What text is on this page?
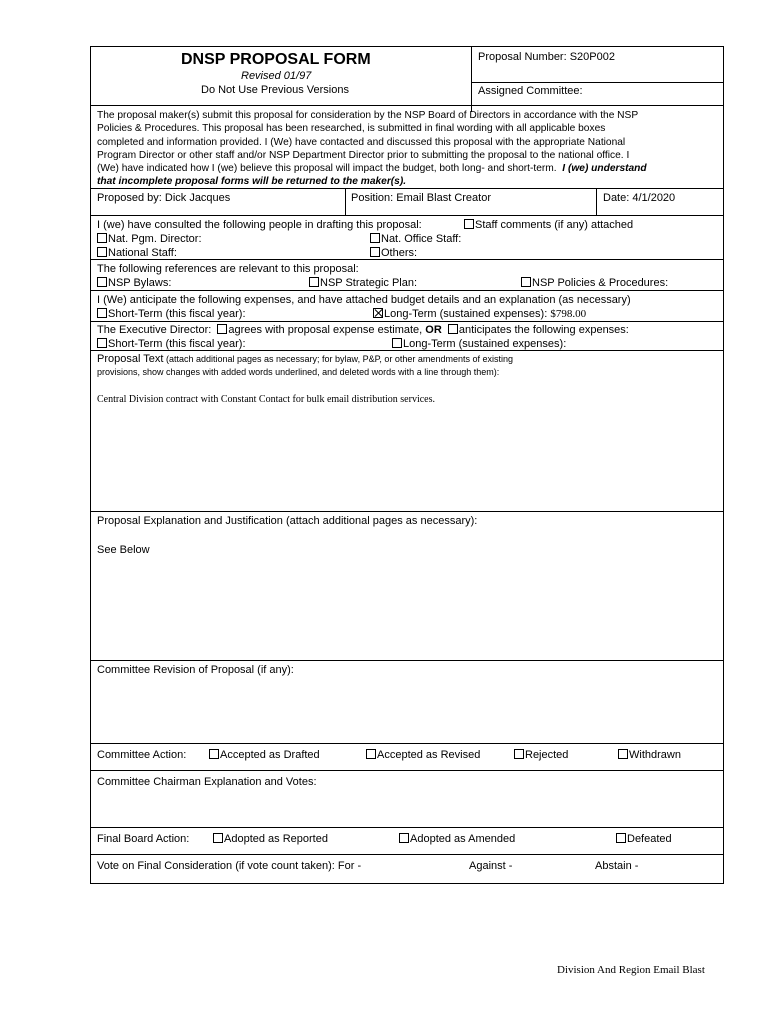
DNSP PROPOSAL FORM
Revised 01/97
Do Not Use Previous Versions
Proposal Number: S20P002
Assigned Committee:
The proposal maker(s) submit this proposal for consideration by the NSP Board of Directors in accordance with the NSP
Policies & Procedures. This proposal has been researched, is submitted in final wording with all applicable boxes
completed and information provided. I (We) have contacted and discussed this proposal with the appropriate National
Program Director or other staff and/or NSP Department Director prior to submitting the proposal to the national office. I
(We) have indicated how I (we) believe this proposal will impact the budget, both long- and short-term. I (we) understand
that incomplete proposal forms will be returned to the maker(s).
Proposed by: Dick Jacques	Position: Email Blast Creator	Date: 4/1/2020
I (we) have consulted the following people in drafting this proposal:	Staff comments (if any) attached
Nat. Pgm. Director:	Nat. Office Staff:
National Staff:	Others:
The following references are relevant to this proposal:
NSP Bylaws:	NSP Strategic Plan:	NSP Policies & Procedures:
I (We) anticipate the following expenses, and have attached budget details and an explanation (as necessary)
Short-Term (this fiscal year):	Long-Term (sustained expenses): $798.00
The Executive Director: agrees with proposal expense estimate, OR anticipates the following expenses:
Short-Term (this fiscal year):	Long-Term (sustained expenses):
Proposal Text (attach additional pages as necessary; for bylaw, P&P, or other amendments of existing
provisions, show changes with added words underlined, and deleted words with a line through them):
Central Division contract with Constant Contact for bulk email distribution services.
Proposal Explanation and Justification (attach additional pages as necessary):
See Below
Committee Revision of Proposal (if any):
Committee Action:	Accepted as Drafted	Accepted as Revised	Rejected	Withdrawn
Committee Chairman Explanation and Votes:
Final Board Action:	Adopted as Reported	Adopted as Amended	Defeated
Vote on Final Consideration (if vote count taken): For -	Against -	Abstain -
Division And Region Email Blast
